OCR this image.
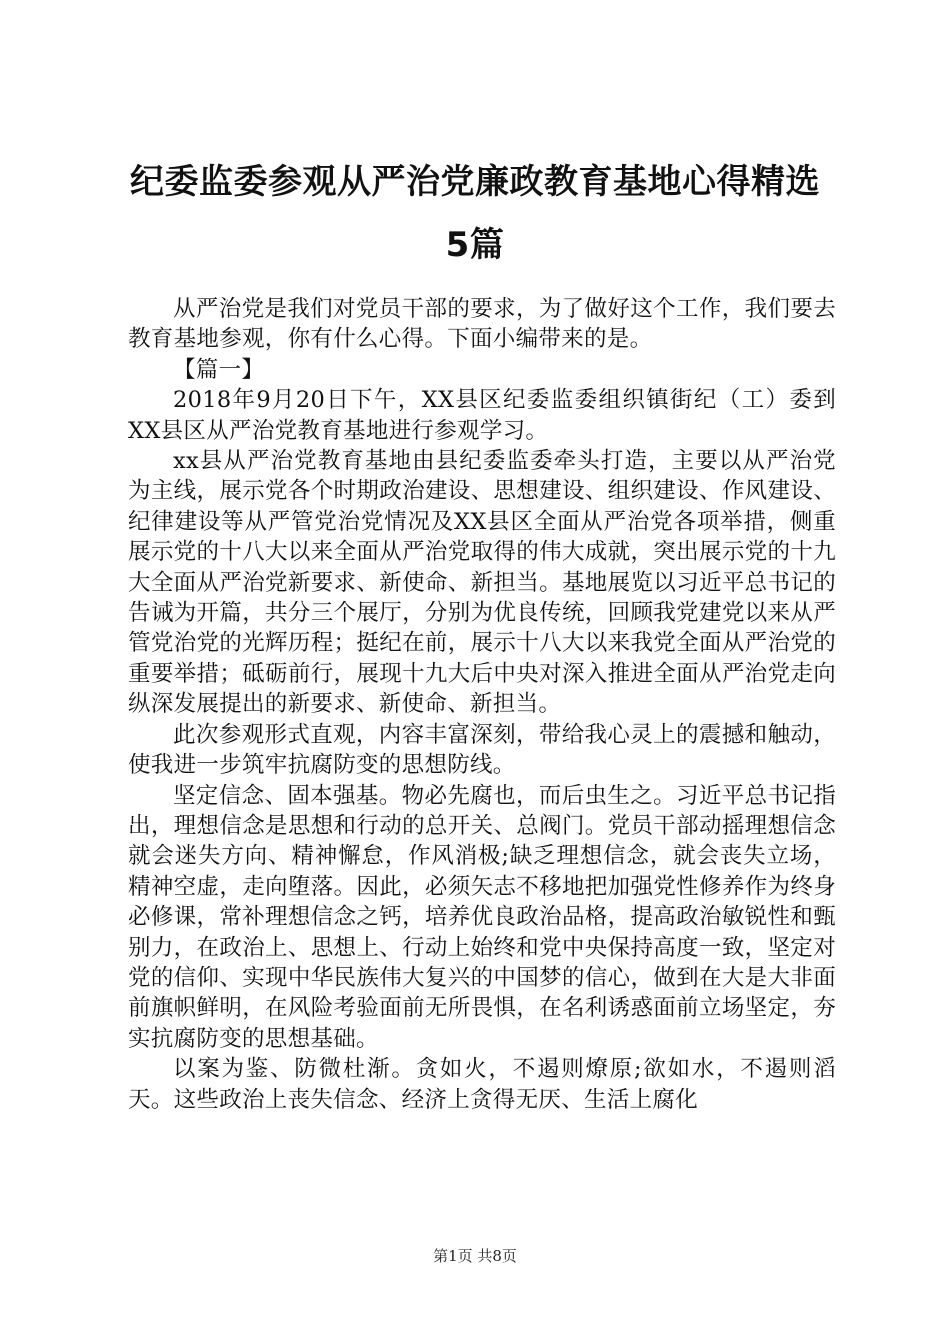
纪委监委参观从严治党廉政教育基地心得精选
5篇

从严治党是我们对党员干部的要求，为了做好这个工作，我们要去教育基地参观，你有什么心得。下面小编带来的是。

【篇一】

2018年9月20日下午，XX县区纪委监委组织镇街纪（工）委到XX县区从严治党教育基地进行参观学习。

xx县从严治党教育基地由县纪委监委牵头打造，主要以从严治党为主线，展示党各个时期政治建设、思想建设、组织建设、作风建设、纪律建设等从严管党治党情况及XX县区全面从严治党各项举措，侧重展示党的十八大以来全面从严治党取得的伟大成就，突出展示党的十九大全面从严治党新要求、新使命、新担当。基地展览以习近平总书记的告诫为开篇，共分三个展厅，分别为优良传统，回顾我党建党以来从严管党治党的光辉历程；挺纪在前，展示十八大以来我党全面从严治党的重要举措；砥砺前行，展现十九大后中央对深入推进全面从严治党走向纵深发展提出的新要求、新使命、新担当。

此次参观形式直观，内容丰富深刻，带给我心灵上的震撼和触动，使我进一步筑牢抗腐防变的思想防线。

坚定信念、固本强基。物必先腐也，而后虫生之。习近平总书记指出，理想信念是思想和行动的总开关、总阀门。党员干部动摇理想信念就会迷失方向、精神懈怠，作风消极;缺乏理想信念，就会丧失立场，精神空虚，走向堕落。因此，必须矢志不移地把加强党性修养作为终身必修课，常补理想信念之钙，培养优良政治品格，提高政治敏锐性和甄别力，在政治上、思想上、行动上始终和党中央保持高度一致，坚定对党的信仰、实现中华民族伟大复兴的中国梦的信心，做到在大是大非面前旗帜鲜明，在风险考验面前无所畏惧，在名利诱惑面前立场坚定，夯实抗腐防变的思想基础。

以案为鉴、防微杜渐。贪如火，不遏则燎原;欲如水，不遏则滔天。这些政治上丧失信念、经济上贪得无厌、生活上腐化

第1页 共8页
